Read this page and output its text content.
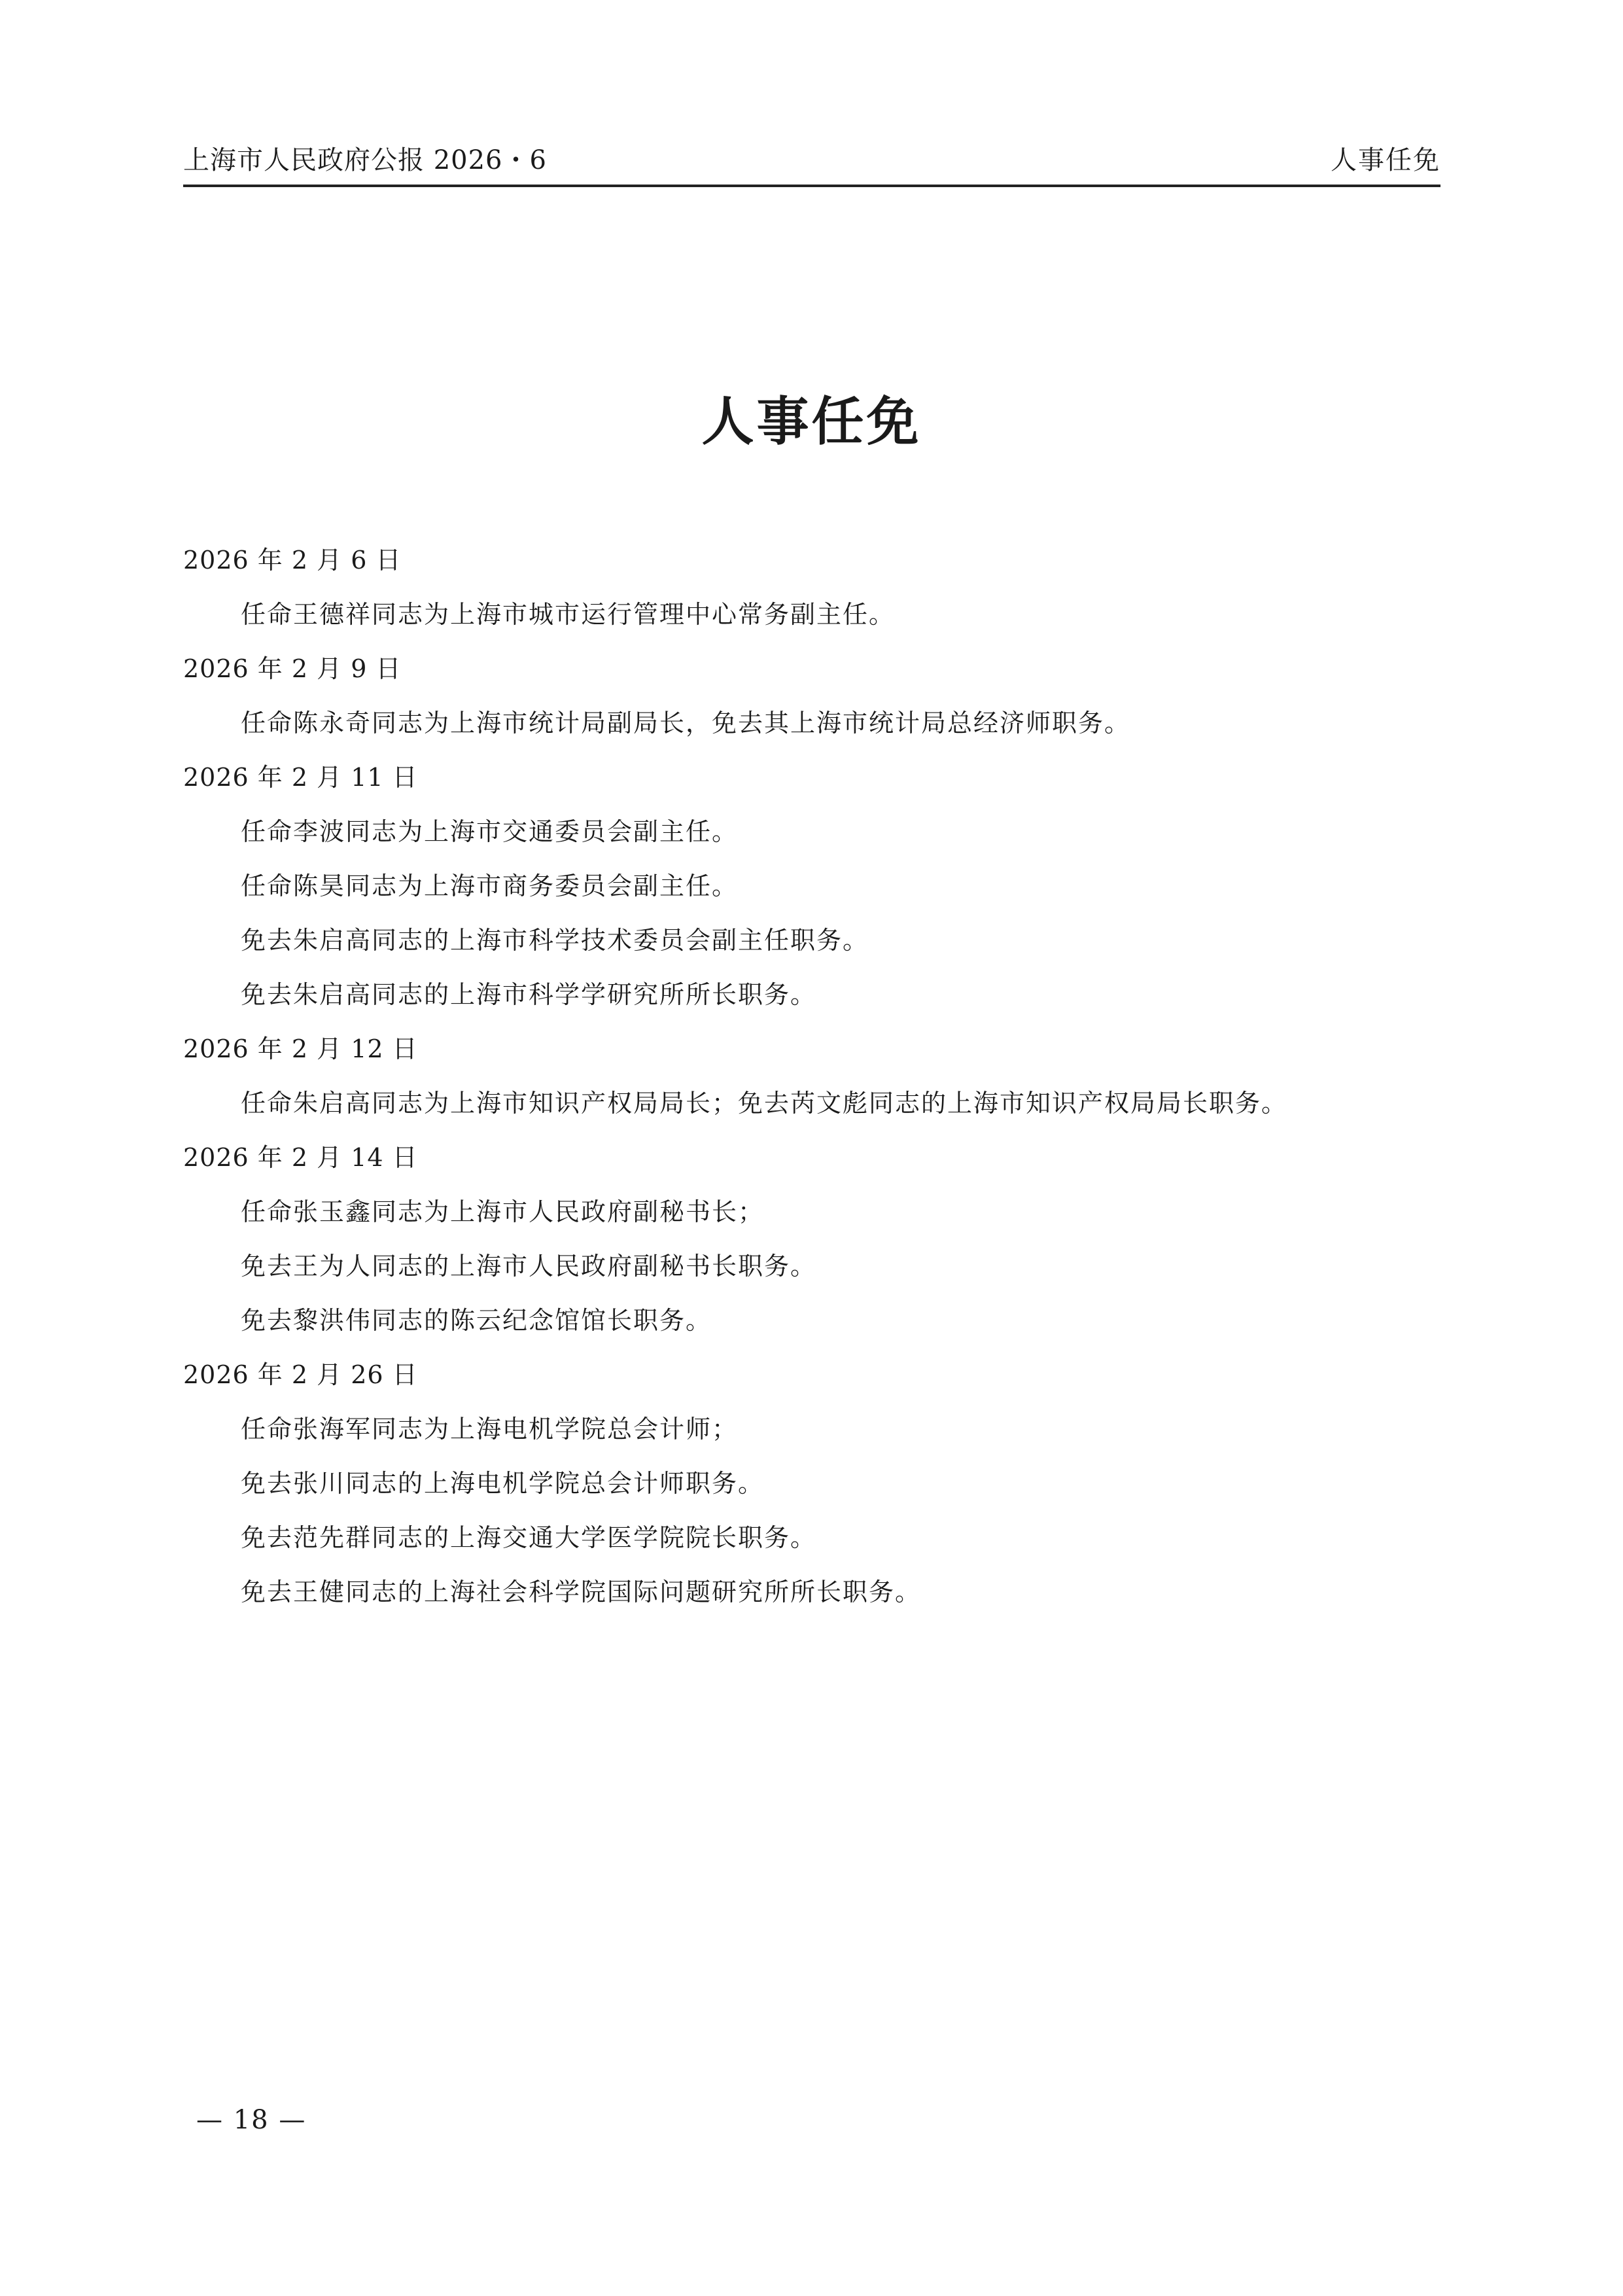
上海市人民政府公报 2026・6	人事任免
人事任免
2026 年 2 月 6 日
任命王德祥同志为上海市城市运行管理中心常务副主任。
2026 年 2 月 9 日
任命陈永奇同志为上海市统计局副局长，免去其上海市统计局总经济师职务。
2026 年 2 月 11 日
任命李波同志为上海市交通委员会副主任。
任命陈昊同志为上海市商务委员会副主任。
免去朱启高同志的上海市科学技术委员会副主任职务。
免去朱启高同志的上海市科学学研究所所长职务。
2026 年 2 月 12 日
任命朱启高同志为上海市知识产权局局长；免去芮文彪同志的上海市知识产权局局长职务。
2026 年 2 月 14 日
任命张玉鑫同志为上海市人民政府副秘书长；
免去王为人同志的上海市人民政府副秘书长职务。
免去黎洪伟同志的陈云纪念馆馆长职务。
2026 年 2 月 26 日
任命张海军同志为上海电机学院总会计师；
免去张川同志的上海电机学院总会计师职务。
免去范先群同志的上海交通大学医学院院长职务。
免去王健同志的上海社会科学院国际问题研究所所长职务。
— 18 —
